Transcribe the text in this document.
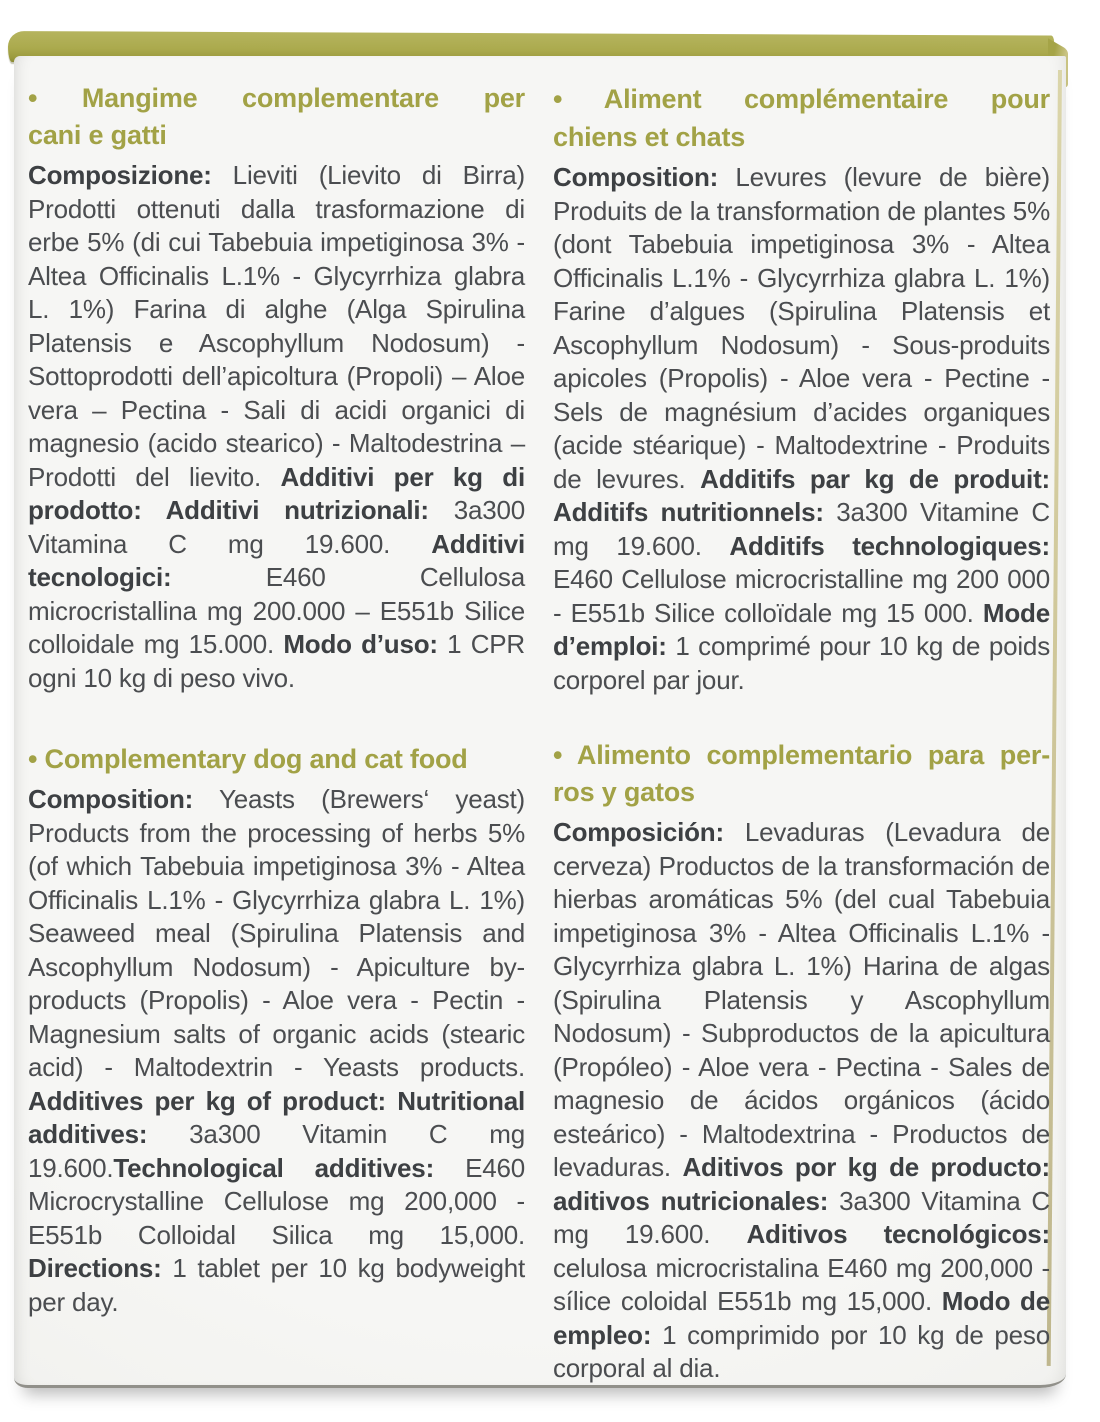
• Mangime complementare per
cani e gatti

Composizione: Lieviti (Lievito di Birra) Prodotti ottenuti dalla trasformazione di erbe 5% (di cui Tabebuia impetiginosa 3% - Altea Officinalis L.1% - Glycyrrhiza glabra L. 1%) Farina di alghe (Alga Spirulina Platensis e Ascophyllum Nodosum) - Sottoprodotti dell’apicoltura (Propoli) – Aloe vera – Pectina - Sali di acidi organici di magnesio (acido stearico) - Maltodestrina – Prodotti del lievito. Additivi per kg di prodotto: Additivi nutrizionali: 3a300 Vitamina C mg 19.600. Additivi tecnologici: E460 Cellulosa microcristallina mg 200.000 – E551b Silice colloidale mg 15.000. Modo d’uso: 1 CPR ogni 10 kg di peso vivo.

• Complementary dog and cat food

Composition: Yeasts (Brewers‘ yeast) Products from the processing of herbs 5% (of which Tabebuia impetiginosa 3% - Altea Officinalis L.1% - Glycyrrhiza glabra L. 1%) Seaweed meal (Spirulina Platensis and Ascophyllum Nodosum) - Apiculture by-products (Propolis) - Aloe vera - Pectin - Magnesium salts of organic acids (stearic acid) - Maltodextrin - Yeasts products. Additives per kg of product: Nutritional additives: 3a300 Vitamin C mg 19.600.Technological additives: E460 Microcrystalline Cellulose mg 200,000 - E551b Colloidal Silica mg 15,000. Directions: 1 tablet per 10 kg bodyweight per day.

• Aliment complémentaire pour
chiens et chats

Composition: Levures (levure de bière) Produits de la transformation de plantes 5% (dont Tabebuia impetiginosa 3% - Altea Officinalis L.1% - Glycyrrhiza glabra L. 1%) Farine d’algues (Spirulina Platensis et Ascophyllum Nodosum) - Sous-produits apicoles (Propolis) - Aloe vera - Pectine - Sels de magnésium d’acides organiques (acide stéarique) - Maltodextrine - Produits de levures. Additifs par kg de produit: Additifs nutritionnels: 3a300 Vitamine C mg 19.600. Additifs technologiques: E460 Cellulose microcristalline mg 200 000 - E551b Silice colloïdale mg 15 000. Mode d’emploi: 1 comprimé pour 10 kg de poids corporel par jour.

• Alimento complementario para per-
ros y gatos

Composición: Levaduras (Levadura de cerveza) Productos de la transformación de hierbas aromáticas 5% (del cual Tabebuia impetiginosa 3% - Altea Officinalis L.1% - Glycyrrhiza glabra L. 1%) Harina de algas (Spirulina Platensis y Ascophyllum Nodosum) - Subproductos de la apicultura (Propóleo) - Aloe vera - Pectina - Sales de magnesio de ácidos orgánicos (ácido esteárico) - Maltodextrina - Productos de levaduras. Aditivos por kg de producto: aditivos nutricionales: 3a300 Vitamina C mg 19.600. Aditivos tecnológicos: celulosa microcristalina E460 mg 200,000 - sílice coloidal E551b mg 15,000. Modo de empleo: 1 comprimido por 10 kg de peso corporal al dia.
